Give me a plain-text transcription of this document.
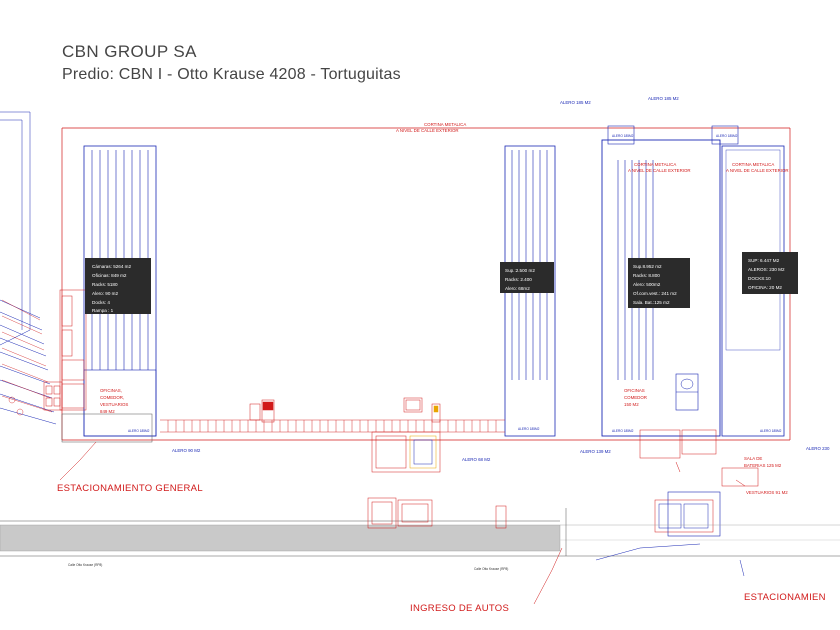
CBN GROUP SA
Predio: CBN I - Otto Krause 4208 - Tortuguitas
Cámaras: 5264 m2
Oficinas: 849 m2
Racks: 5180
Alero: 90 m2
Docks: 4
Rampa : 1
Sup.:2.500 m2
Racks: 2.400
Alero: 68m2
Sup.8.952 m2
Racks: 8.800
Alero: 500m2
Of.com.vest.: 241 m2
Sala. Bat.:125 m2
SUP: 6.447 M2
ALEROS: 230 M2
DOCKS:10
OFICINA: 20 M2
CORTINA METALICA
A NIVEL DE CALLE EXTERIOR
CORTINA METALICA
A NIVEL DE CALLE EXTERIOR
CORTINA METALICA
A NIVEL DE CALLE EXTERIOR
ALERO 185 M2
ALERO 185 M2
ALERO 185M2	ALERO 185M2
OFICINAS,
COMEDOR,
VESTUARIOS
849 M2
OFICINAS
COMEDOR
150 M2
ALERO 90 M2
ALERO 68 M2
ALERO 139 M2
ALERO 230
ALERO 185M2	ALERO 185M2	ALERO 185M2	ALERO 185M2
SALA DE
BATERIAS 125 M2
VESTUARIOS 91 M2
ESTACIONAMIENTO GENERAL
INGRESO DE AUTOS
ESTACIONAMIEN
Calle Otto Krause (RP8)
Calle Otto Krause (RP8)
